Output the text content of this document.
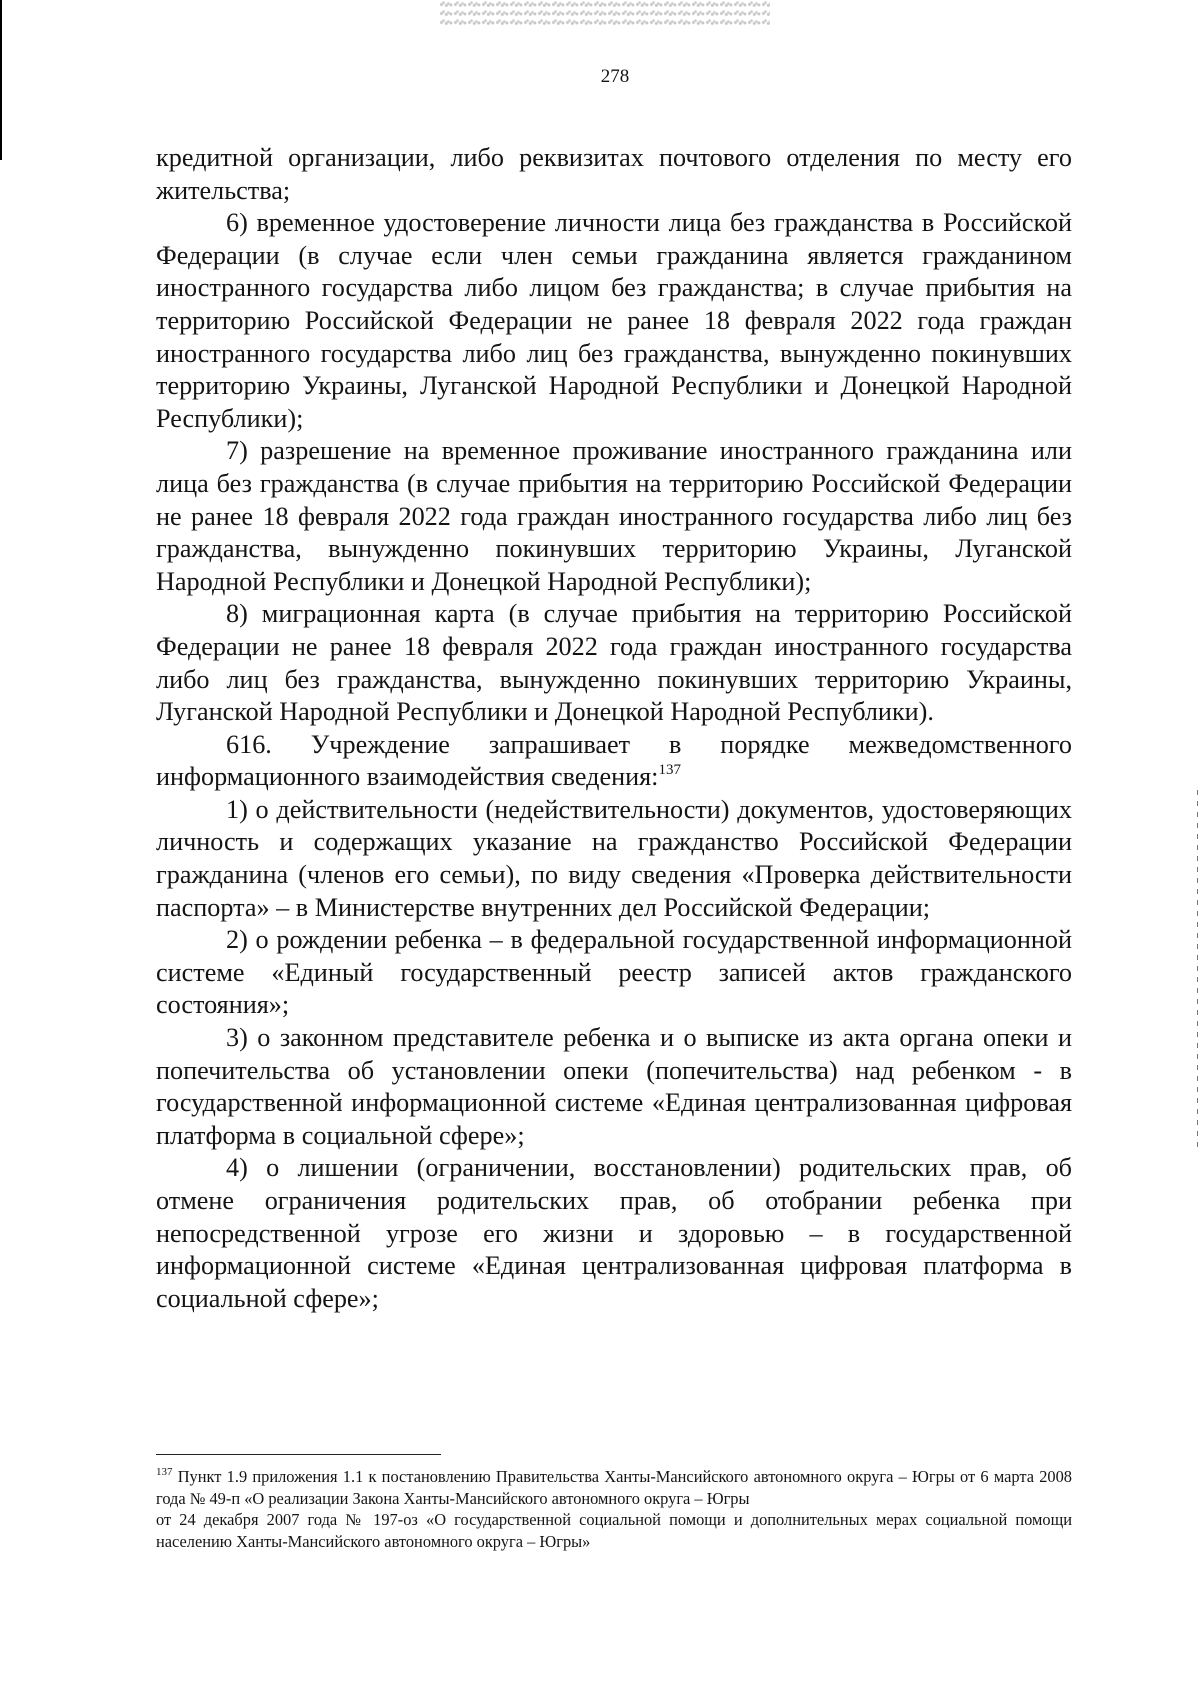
278

кредитной организации, либо реквизитах почтового отделения по месту его жительства;

6) временное удостоверение личности лица без гражданства в Российской Федерации (в случае если член семьи гражданина является гражданином иностранного государства либо лицом без гражданства; в случае прибытия на территорию Российской Федерации не ранее 18 февраля 2022 года граждан иностранного государства либо лиц без гражданства, вынужденно покинувших территорию Украины, Луганской Народной Республики и Донецкой Народной Республики);

7) разрешение на временное проживание иностранного гражданина или лица без гражданства (в случае прибытия на территорию Российской Федерации не ранее 18 февраля 2022 года граждан иностранного государства либо лиц без гражданства, вынужденно покинувших территорию Украины, Луганской Народной Республики и Донецкой Народной Республики);

8) миграционная карта (в случае прибытия на территорию Российской Федерации не ранее 18 февраля 2022 года граждан иностранного государства либо лиц без гражданства, вынужденно покинувших территорию Украины, Луганской Народной Республики и Донецкой Народной Республики).

616. Учреждение запрашивает в порядке межведомственного информационного взаимодействия сведения:$^{137}$

1) о действительности (недействительности) документов, удостоверяющих личность и содержащих указание на гражданство Российской Федерации гражданина (членов его семьи), по виду сведения «Проверка действительности паспорта» – в Министерстве внутренних дел Российской Федерации;

2) о рождении ребенка – в федеральной государственной информационной системе «Единый государственный реестр записей актов гражданского состояния»;

3) о законном представителе ребенка и о выписке из акта органа опеки и попечительства об установлении опеки (попечительства) над ребенком - в государственной информационной системе «Единая централизованная цифровая платформа в социальной сфере»;

4) о лишении (ограничении, восстановлении) родительских прав, об отмене ограничения родительских прав, об отобрании ребенка при непосредственной угрозе его жизни и здоровью – в государственной информационной системе «Единая централизованная цифровая платформа в социальной сфере»;

$^{137}$ Пункт 1.9 приложения 1.1 к постановлению Правительства Ханты-Мансийского автономного округа – Югры от 6 марта 2008 года № 49-п «О реализации Закона Ханты-Мансийского автономного округа – Югры

от 24 декабря 2007 года № 197-оз «О государственной социальной помощи и дополнительных мерах социальной помощи населению Ханты-Мансийского автономного округа – Югры»
